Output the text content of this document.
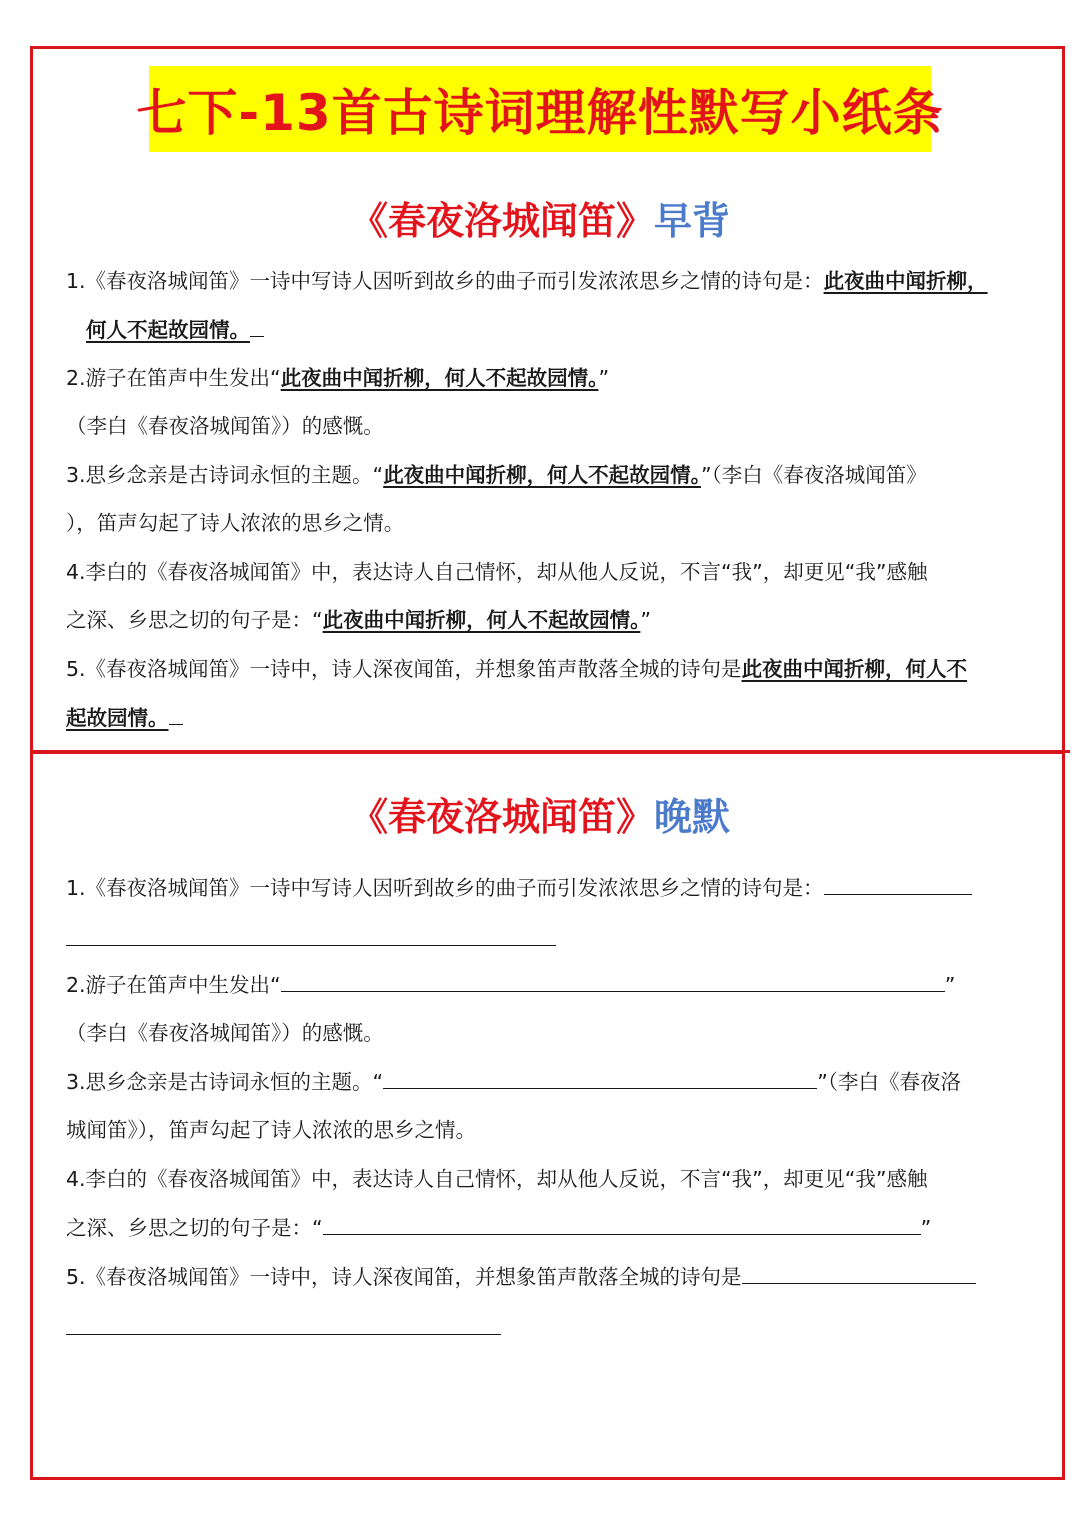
七下-13首古诗词理解性默写小纸条
《春夜洛城闻笛》早背
1.《春夜洛城闻笛》一诗中写诗人因听到故乡的曲子而引发浓浓思乡之情的诗句是：此夜曲中闻折柳，
何人不起故园情。
2.游子在笛声中生发出“此夜曲中闻折柳，何人不起故园情。”
（李白《春夜洛城闻笛》）的感慨。
3.思乡念亲是古诗词永恒的主题。“此夜曲中闻折柳，何人不起故园情。”（李白《春夜洛城闻笛》
），笛声勾起了诗人浓浓的思乡之情。
4.李白的《春夜洛城闻笛》中，表达诗人自己情怀，却从他人反说，不言“我”，却更见“我”感触
之深、乡思之切的句子是：“此夜曲中闻折柳，何人不起故园情。”
5.《春夜洛城闻笛》一诗中，诗人深夜闻笛，并想象笛声散落全城的诗句是此夜曲中闻折柳，何人不
起故园情。
《春夜洛城闻笛》晚默
1.《春夜洛城闻笛》一诗中写诗人因听到故乡的曲子而引发浓浓思乡之情的诗句是：
2.游子在笛声中生发出“	”
（李白《春夜洛城闻笛》）的感慨。
3.思乡念亲是古诗词永恒的主题。“	”（李白《春夜洛
城闻笛》），笛声勾起了诗人浓浓的思乡之情。
4.李白的《春夜洛城闻笛》中，表达诗人自己情怀，却从他人反说，不言“我”，却更见“我”感触
之深、乡思之切的句子是：“	”
5.《春夜洛城闻笛》一诗中，诗人深夜闻笛，并想象笛声散落全城的诗句是
